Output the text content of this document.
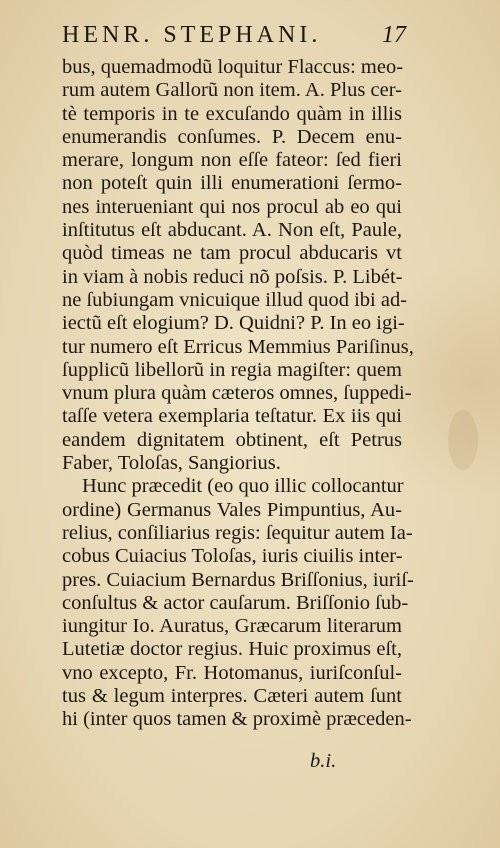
HENR. STEPHANI.	17
bus, quemadmodũ loquitur Flaccus: meo-
rum autem Gallorũ non item. A. Plus cer-
tè temporis in te excuſando quàm in illis
enumerandis conſumes. P. Decem enu-
merare, longum non eſſe fateor: ſed fieri
non poteſt quin illi enumerationi ſermo-
nes interueniant qui nos procul ab eo qui
inſtitutus eſt abducant. A. Non eſt, Paule,
quòd timeas ne tam procul abducaris vt
in viam à nobis reduci nõ poſsis. P. Libét-
ne ſubiungam vnicuique illud quod ibi ad-
iectũ eſt elogium? D. Quidni? P. In eo igi-
tur numero eſt Erricus Memmius Pariſinus,
ſupplicũ libellorũ in regia magiſter: quem
vnum plura quàm cæteros omnes, ſuppedi-
taſſe vetera exemplaria teſtatur. Ex iis qui
eandem dignitatem obtinent, eſt Petrus
Faber, Toloſas, Sangiorius.
Hunc præcedit (eo quo illic collocantur
ordine) Germanus Vales Pimpuntius, Au-
relius, conſiliarius regis: ſequitur autem Ia-
cobus Cuiacius Toloſas, iuris ciuilis inter-
pres. Cuiacium Bernardus Briſſonius, iuriſ-
conſultus & actor cauſarum. Briſſonio ſub-
iungitur Io. Auratus, Græcarum literarum
Lutetiæ doctor regius. Huic proximus eſt,
vno excepto, Fr. Hotomanus, iuriſconſul-
tus & legum interpres. Cæteri autem ſunt
hi (inter quos tamen & proximè præceden-
b.i.
